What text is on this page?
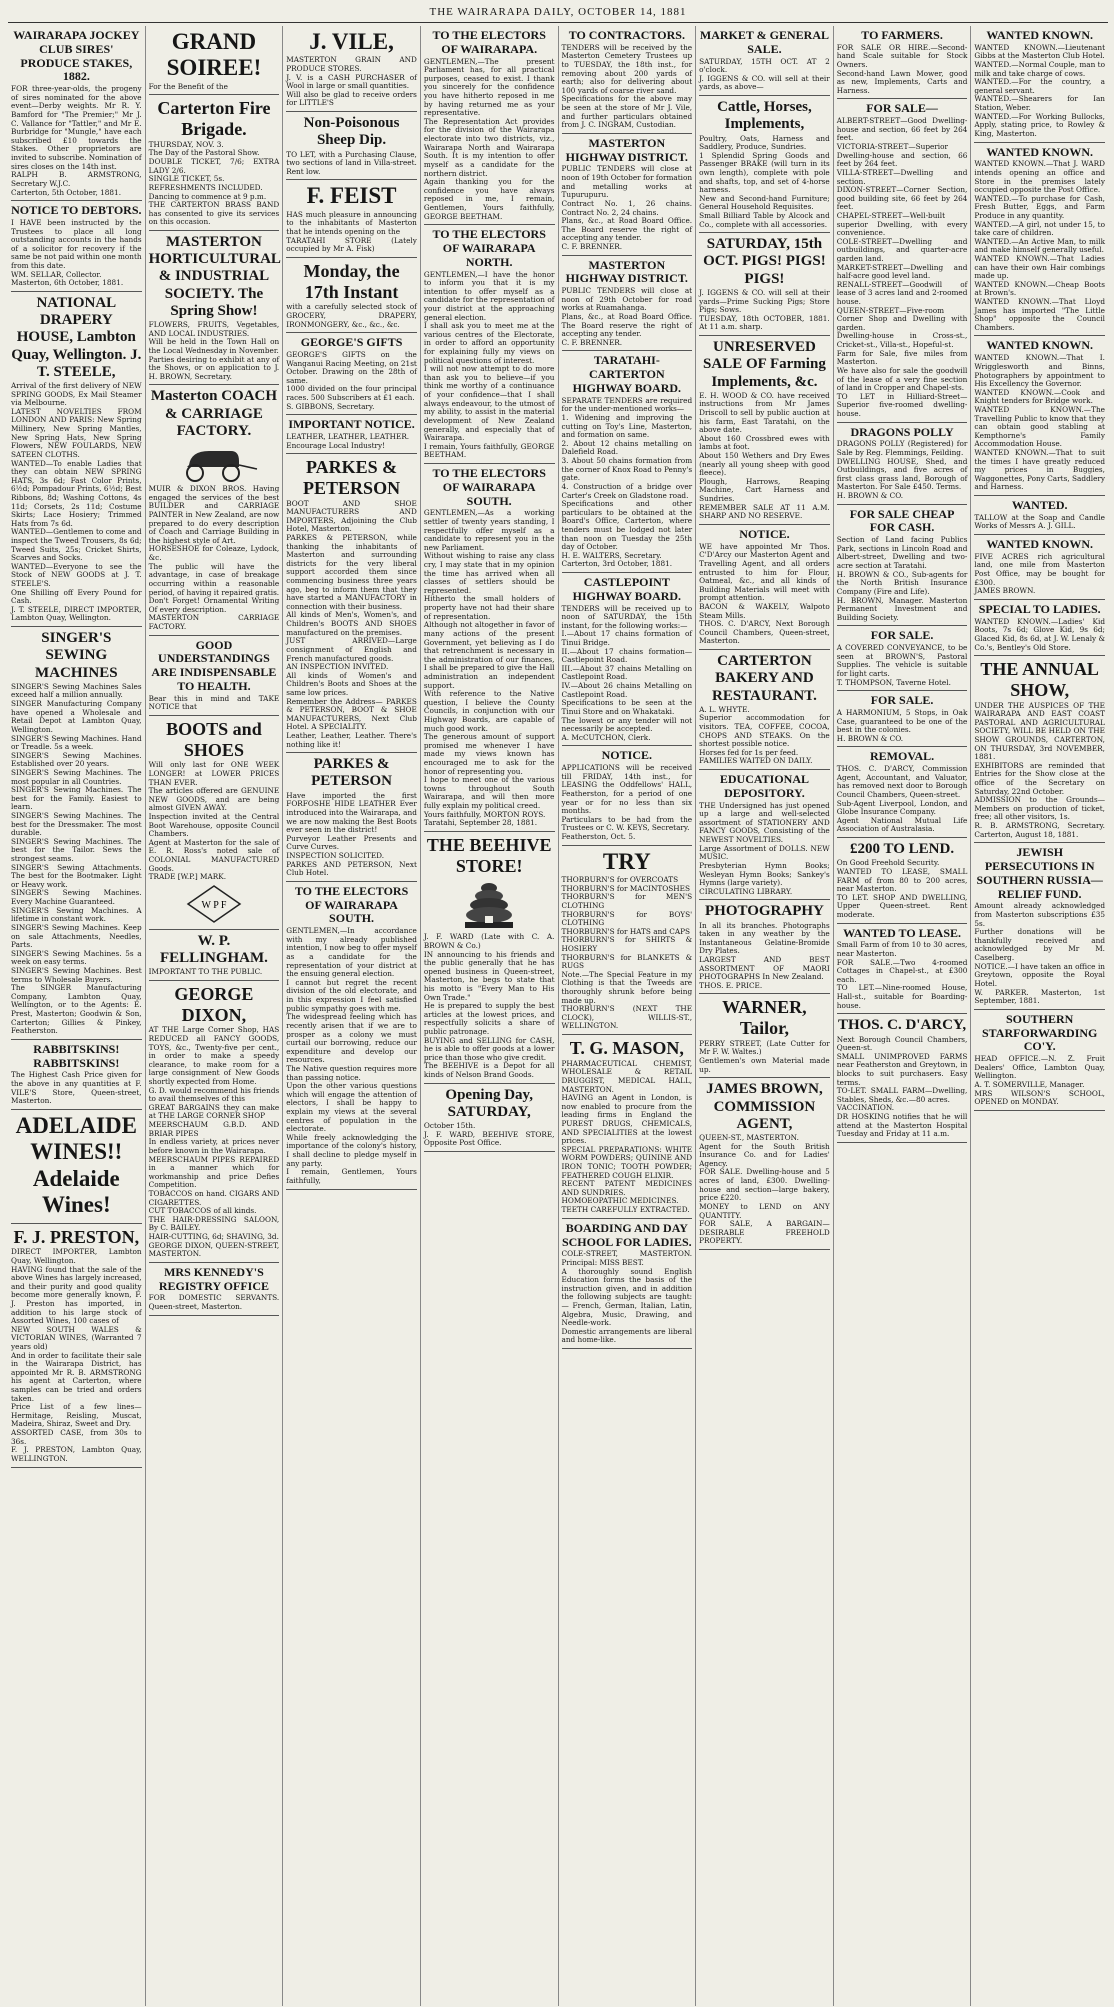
THE WAIRARAPA DAILY, OCTOBER 14, 1881
WAIRARAPA JOCKEY CLUB SIRES' PRODUCE STAKES, 1882.

FOR three-year-olds, the progeny of sires nominated for the above event—Derby weights. Mr R. Y. Bamford for "The Premier;" Mr J. C. Vallance for "Tattler," and Mr E. Burbridge for "Mungle," have each subscribed £10 towards the Stakes. Other proprietors are invited to subscribe. Nomination of sires closes on the 14th inst.

RALPH B. ARMSTRONG, Secretary W.J.C.

Carterton, 5th October, 1881.

NOTICE TO DEBTORS.

I HAVE been instructed by the Trustees to place all long outstanding accounts in the hands of a solicitor for recovery if the same be not paid within one month from this date.

WM. SELLAR, Collector.

Masterton, 6th October, 1881.

NATIONAL DRAPERY HOUSE, Lambton Quay, Wellington. J. T. STEELE,

Arrival of the first delivery of NEW SPRING GOODS, Ex Mail Steamer via Melbourne.

LATEST NOVELTIES FROM LONDON AND PARIS: New Spring Millinery, New Spring Mantles, New Spring Hats, New Spring Flowers, NEW FOULARDS, NEW SATEEN CLOTHS.

WANTED—To enable Ladies that they can obtain NEW SPRING HATS, 3s 6d; Fast Color Prints, 6½d; Pompadour Prints, 6½d; Best Ribbons, 8d; Washing Cottons, 4s 11d; Corsets, 2s 11d; Costume Skirts; Lace Hosiery; Trimmed Hats from 7s 6d.

WANTED—Gentlemen to come and inspect the Tweed Trousers, 8s 6d; Tweed Suits, 25s; Cricket Shirts, Scarves and Socks.

WANTED—Everyone to see the Stock of NEW GOODS at J. T. STEELE'S.

One Shilling off Every Pound for Cash.

J. T. STEELE, DIRECT IMPORTER, Lambton Quay, Wellington.

SINGER'S SEWING MACHINES

SINGER'S Sewing Machines Sales exceed half a million annually.

SINGER Manufacturing Company have opened a Wholesale and Retail Depot at Lambton Quay, Wellington.

SINGER'S Sewing Machines. Hand or Treadle. 5s a week.

SINGER'S Sewing Machines. Established over 20 years.

SINGER'S Sewing Machines. The most popular in all Countries.

SINGER'S Sewing Machines. The best for the Family. Easiest to learn.

SINGER'S Sewing Machines. The best for the Dressmaker. The most durable.

SINGER'S Sewing Machines. The best for the Tailor. Sews the strongest seams.

SINGER'S Sewing Attachments. The best for the Bootmaker. Light or Heavy work.

SINGER'S Sewing Machines. Every Machine Guaranteed.

SINGER'S Sewing Machines. A lifetime in constant work.

SINGER'S Sewing Machines. Keep on sale Attachments, Needles, Parts.

SINGER'S Sewing Machines. 5s a week on easy terms.

SINGER'S Sewing Machines. Best terms to Wholesale Buyers.

The SINGER Manufacturing Company, Lambton Quay, Wellington, or to the Agents: E. Prest, Masterton; Goodwin & Son, Carterton; Gillies & Pinkey, Featherston.

RABBITSKINS! RABBITSKINS!

The Highest Cash Price given for the above in any quantities at F. VILE'S Store, Queen-street, Masterton.

ADELAIDE WINES!! Adelaide Wines!
F. J. PRESTON,

DIRECT IMPORTER, Lambton Quay, Wellington.

HAVING found that the sale of the above Wines has largely increased, and their purity and good quality become more generally known, F. J. Preston has imported, in addition to his large stock of Assorted Wines, 100 cases of

NEW SOUTH WALES & VICTORIAN WINES, (Warranted 7 years old)

And in order to facilitate their sale in the Wairarapa District, has appointed Mr R. B. ARMSTRONG his agent at Carterton, where samples can be tried and orders taken.

Price List of a few lines—Hermitage, Reisling, Muscat, Madeira, Shiraz, Sweet and Dry.

ASSORTED CASE, from 30s to 36s.

F. J. PRESTON, Lambton Quay, WELLINGTON.

GRAND SOIREE!

For the Benefit of the

Carterton Fire Brigade.

THURSDAY, NOV. 3.

The Day of the Pastoral Show.

DOUBLE TICKET, 7/6; EXTRA LADY 2/6.

SINGLE TICKET, 5s.

REFRESHMENTS INCLUDED.

Dancing to commence at 9 p.m.

THE CARTERTON BRASS BAND has consented to give its services on this occasion.

MASTERTON HORTICULTURAL & INDUSTRIAL SOCIETY. The Spring Show!

FLOWERS, FRUITS, Vegetables, AND LOCAL INDUSTRIES.

Will be held in the Town Hall on the Local Wednesday in November.

Parties desiring to exhibit at any of the Shows, or on application to J. H. BROWN, Secretary.

Masterton COACH & CARRIAGE FACTORY.

MUIR & DIXON BROS. Having engaged the services of the best BUILDER and CARRIAGE PAINTER in New Zealand, are now prepared to do every description of Coach and Carriage Building in the highest style of Art.

HORSESHOE for Coleaze, Lydock, &c.

The public will have the advantage, in case of breakage occurring within a reasonable period, of having it repaired gratis.

Don't Forget! Ornamental Writing Of every description.

MASTERTON CARRIAGE FACTORY.

GOOD UNDERSTANDINGS ARE INDISPENSABLE TO HEALTH.

Bear this in mind and TAKE NOTICE that

BOOTS and SHOES

Will only last for ONE WEEK LONGER! at LOWER PRICES THAN EVER.

The articles offered are GENUINE NEW GOODS, and are being almost GIVEN AWAY.

Inspection invited at the Central Boot Warehouse, opposite Council Chambers.

Agent at Masterton for the sale of E. R. Ross's noted sale of COLONIAL MANUFACTURED Goods.

TRADE [W.P.] MARK.

W P F
W. P. FELLINGHAM.

IMPORTANT TO THE PUBLIC.

GEORGE DIXON,

AT THE Large Corner Shop, HAS REDUCED all FANCY GOODS, TOYS, &c., Twenty-five per cent., in order to make a speedy clearance, to make room for a large consignment of New Goods shortly expected from Home.

G. D. would recommend his friends to avail themselves of this

GREAT BARGAINS they can make at THE LARGE CORNER SHOP

MEERSCHAUM G.B.D. AND BRIAR PIPES

In endless variety, at prices never before known in the Wairarapa.

MEERSCHAUM PIPES REPAIRED in a manner which for workmanship and price Defies Competition.

TOBACCOS on hand. CIGARS AND CIGARETTES.

CUT TOBACCOS of all kinds.

THE HAIR-DRESSING SALOON, By C. BAILEY.

HAIR-CUTTING, 6d; SHAVING, 3d.

GEORGE DIXON, QUEEN-STREET, MASTERTON.

MRS KENNEDY'S REGISTRY OFFICE

FOR DOMESTIC SERVANTS. Queen-street, Masterton.

J. VILE,

MASTERTON GRAIN AND PRODUCE STORES.

J. V. is a CASH PURCHASER of Wool in large or small quantities.

Will also be glad to receive orders for LITTLE'S

Non-Poisonous Sheep Dip.

TO LET, with a Purchasing Clause, two sections of land in Villa-street. Rent low.

F. FEIST

HAS much pleasure in announcing to the inhabitants of Masterton that he intends opening on the

TARATAHI STORE (Lately occupied by Mr A. Fisk)

Monday, the 17th Instant

with a carefully selected stock of GROCERY, DRAPERY, IRONMONGERY, &c., &c., &c.

GEORGE'S GIFTS

GEORGE'S GIFTS on the Wanganui Racing Meeting, on 21st October. Drawing on the 28th of same.

1000 divided on the four principal races. 500 Subscribers at £1 each.

S. GIBBONS, Secretary.

IMPORTANT NOTICE.

LEATHER, LEATHER, LEATHER.

Encourage Local Industry!

PARKES & PETERSON

BOOT AND SHOE MANUFACTURERS AND IMPORTERS, Adjoining the Club Hotel, Masterton.

PARKES & PETERSON, while thanking the inhabitants of Masterton and surrounding districts for the very liberal support accorded them since commencing business three years ago, beg to inform them that they have started a MANUFACTORY in connection with their business.

All kinds of Men's, Women's, and Children's BOOTS AND SHOES manufactured on the premises.

JUST ARRIVED—Large consignment of English and French manufactured goods.

AN INSPECTION INVITED.

All kinds of Women's and Children's Boots and Shoes at the same low prices.

Remember the Address— PARKES & PETERSON, BOOT & SHOE MANUFACTURERS, Next Club Hotel. A SPECIALITY.

Leather, Leather, Leather. There's nothing like it!

PARKES & PETERSON

Have imported the first FORFOSHE HIDE LEATHER Ever introduced into the Wairarapa, and we are now making the Best Boots ever seen in the district!

Purveyor Leather Presents and Curve Curves.

INSPECTION SOLICITED.

PARKES AND PETERSON, Next Club Hotel.

TO THE ELECTORS OF WAIRARAPA SOUTH.

GENTLEMEN,—In accordance with my already published intention, I now beg to offer myself as a candidate for the representation of your district at the ensuing general election.

I cannot but regret the recent division of the old electorate, and in this expression I feel satisfied public sympathy goes with me.

The widespread feeling which has recently arisen that if we are to prosper as a colony we must curtail our borrowing, reduce our expenditure and develop our resources.

The Native question requires more than passing notice.

Upon the other various questions which will engage the attention of electors, I shall be happy to explain my views at the several centres of population in the electorate.

While freely acknowledging the importance of the colony's history, I shall decline to pledge myself in any party.

I remain, Gentlemen, Yours faithfully,

TO THE ELECTORS OF WAIRARAPA.

GENTLEMEN,—The present Parliament has, for all practical purposes, ceased to exist. I thank you sincerely for the confidence you have hitherto reposed in me by having returned me as your representative.

The Representation Act provides for the division of the Wairarapa electorate into two districts, viz., Wairarapa North and Wairarapa South. It is my intention to offer myself as a candidate for the northern district.

Again thanking you for the confidence you have always reposed in me, I remain, Gentlemen, Yours faithfully, GEORGE BEETHAM.

TO THE ELECTORS OF WAIRARAPA NORTH.

GENTLEMEN,—I have the honor to inform you that it is my intention to offer myself as a candidate for the representation of your district at the approaching general election.

I shall ask you to meet me at the various centres of the Electorate, in order to afford an opportunity for explaining fully my views on political questions of interest.

I will not now attempt to do more than ask you to believe—if you think me worthy of a continuance of your confidence—that I shall always endeavour, to the utmost of my ability, to assist in the material development of New Zealand generally, and especially that of Wairarapa.

I remain, Yours faithfully, GEORGE BEETHAM.

TO THE ELECTORS OF WAIRARAPA SOUTH.

GENTLEMEN,—As a working settler of twenty years standing, I respectfully offer myself as a candidate to represent you in the new Parliament.

Without wishing to raise any class cry, I may state that in my opinion the time has arrived when all classes of settlers should be represented.

Hitherto the small holders of property have not had their share of representation.

Although not altogether in favor of many actions of the present Government, yet believing as I do that retrenchment is necessary in the administration of our finances, I shall be prepared to give the Hall administration an independent support.

With reference to the Native question, I believe the County Councils, in conjunction with our Highway Boards, are capable of much good work.

The generous amount of support promised me whenever I have made my views known has encouraged me to ask for the honor of representing you.

I hope to meet one of the various towns throughout South Wairarapa, and will then more fully explain my political creed.

Yours faithfully, MORTON ROYS.

Taratahi, September 28, 1881.

THE BEEHIVE STORE!

J. F. WARD (Late with C. A. BROWN & Co.)

IN announcing to his friends and the public generally that he has opened business in Queen-street, Masterton, he begs to state that his motto is "Every Man to His Own Trade."

He is prepared to supply the best articles at the lowest prices, and respectfully solicits a share of public patronage.

BUYING and SELLING for CASH, he is able to offer goods at a lower price than those who give credit.

The BEEHIVE is a Depot for all kinds of Nelson Brand Goods.

Opening Day, SATURDAY,

October 15th.

J. F. WARD, BEEHIVE STORE, Opposite Post Office.

TO CONTRACTORS.

TENDERS will be received by the Masterton Cemetery Trustees up to TUESDAY, the 18th inst., for removing about 200 yards of earth; also for delivering about 100 yards of coarse river sand.

Specifications for the above may be seen at the store of Mr J. Vile, and further particulars obtained from J. C. INGRAM, Custodian.

MASTERTON HIGHWAY DISTRICT.

PUBLIC TENDERS will close at noon of 19th October for formation and metalling works at Tupurupuru.

Contract No. 1, 26 chains. Contract No. 2, 24 chains.

Plans, &c., at Road Board Office. The Board reserve the right of accepting any tender.

C. F. BRENNER.

MASTERTON HIGHWAY DISTRICT.

PUBLIC TENDERS will close at noon of 29th October for road works at Ruamahanga.

Plans, &c., at Road Board Office. The Board reserve the right of accepting any tender.

C. F. BRENNER.

TARATAHI-CARTERTON HIGHWAY BOARD.

SEPARATE TENDERS are required for the under-mentioned works—

1. Widening and improving the cutting on Toy's Line, Masterton, and formation on same.

2. About 12 chains metalling on Dalefield Road.

3. About 50 chains formation from the corner of Knox Road to Penny's gate.

4. Construction of a bridge over Carter's Creek on Gladstone road.

Specifications and other particulars to be obtained at the Board's Office, Carterton, where tenders must be lodged not later than noon on Tuesday the 25th day of October.

H. E. WALTERS, Secretary.

Carterton, 3rd October, 1881.

CASTLEPOINT HIGHWAY BOARD.

TENDERS will be received up to noon of SATURDAY, the 15th instant, for the following works:—

I.—About 17 chains formation of Tinui Bridge.

II.—About 17 chains formation—Castlepoint Road.

III.—About 37 chains Metalling on Castlepoint Road.

IV.—About 26 chains Metalling on Castlepoint Road.

Specifications to be seen at the Tinui Store and on Whakataki.

The lowest or any tender will not necessarily be accepted.

A. McCUTCHON, Clerk.

NOTICE.

APPLICATIONS will be received till FRIDAY, 14th inst., for LEASING the Oddfellows' HALL, Featherston, for a period of one year or for no less than six months.

Particulars to be had from the Trustees or C. W. KEYS, Secretary.

Featherston, Oct. 5.

TRY

THORBURN'S for OVERCOATS

THORBURN'S for MACINTOSHES

THORBURN'S for MEN'S CLOTHING

THORBURN'S for BOYS' CLOTHING

THORBURN'S for HATS and CAPS

THORBURN'S for SHIRTS & HOSIERY

THORBURN'S for BLANKETS & RUGS

Note.—The Special Feature in my Clothing is that the Tweeds are thoroughly shrunk before being made up.

THORBURN'S (NEXT THE CLOCK), WILLIS-ST., WELLINGTON.

T. G. MASON,

PHARMACEUTICAL CHEMIST, WHOLESALE & RETAIL DRUGGIST, MEDICAL HALL, MASTERTON.

HAVING an Agent in London, is now enabled to procure from the leading firms in England the PUREST DRUGS, CHEMICALS, AND SPECIALITIES at the lowest prices.

SPECIAL PREPARATIONS: WHITE WORM POWDERS; QUININE AND IRON TONIC; TOOTH POWDER; FEATHERED COUGH ELIXIR.

RECENT PATENT MEDICINES AND SUNDRIES.

HOMOEOPATHIC MEDICINES.

TEETH CAREFULLY EXTRACTED.

BOARDING AND DAY SCHOOL FOR LADIES.

COLE-STREET, MASTERTON. Principal: MISS BEST.

A thoroughly sound English Education forms the basis of the instruction given, and in addition the following subjects are taught:— French, German, Italian, Latin, Algebra, Music, Drawing, and Needle-work.

Domestic arrangements are liberal and home-like.

MARKET & GENERAL SALE.

SATURDAY, 15TH OCT. AT 2 o'clock.

J. IGGENS & CO. will sell at their yards, as above—

Cattle, Horses, Implements,

Poultry, Oats, Harness and Saddlery, Produce, Sundries.

1 Splendid Spring Goods and Passenger BRAKE (will turn in its own length), complete with pole and shafts, top, and set of 4-horse harness.

New and Second-hand Furniture; General Household Requisites.

Small Billiard Table by Alcock and Co., complete with all accessories.

SATURDAY, 15th OCT. PIGS! PIGS! PIGS!

J. IGGENS & CO. will sell at their yards—Prime Sucking Pigs; Store Pigs; Sows.

TUESDAY, 18th OCTOBER, 1881. At 11 a.m. sharp.

UNRESERVED SALE OF Farming Implements, &c.

E. H. WOOD & CO. have received instructions from Mr James Driscoll to sell by public auction at his farm, East Taratahi, on the above date.

About 160 Crossbred ewes with lambs at foot.

About 150 Wethers and Dry Ewes (nearly all young sheep with good fleece).

Plough, Harrows, Reaping Machine, Cart Harness and Sundries.

REMEMBER SALE AT 11 A.M. SHARP AND NO RESERVE.

NOTICE.

WE have appointed Mr Thos. C'D'Arcy our Masterton Agent and Travelling Agent, and all orders entrusted to him for Flour, Oatmeal, &c., and all kinds of Building Materials will meet with prompt attention.

BACON & WAKELY, Walpoto Steam Mills.

THOS. C. D'ARCY, Next Borough Council Chambers, Queen-street, Masterton.

CARTERTON BAKERY AND RESTAURANT.

A. L. WHYTE.

Superior accommodation for visitors. TEA, COFFEE, COCOA, CHOPS AND STEAKS. On the shortest possible notice.

Horses fed for 1s per feed.

FAMILIES WAITED ON DAILY.

EDUCATIONAL DEPOSITORY.

THE Undersigned has just opened up a large and well-selected assortment of STATIONERY AND FANCY GOODS, Consisting of the NEWEST NOVELTIES.

Large Assortment of DOLLS. NEW MUSIC.

Presbyterian Hymn Books; Wesleyan Hymn Books; Sankey's Hymns (large variety).

CIRCULATING LIBRARY.

PHOTOGRAPHY

In all its branches. Photographs taken in any weather by the Instantaneous Gelatine-Bromide Dry Plates.

LARGEST AND BEST ASSORTMENT OF MAORI PHOTOGRAPHS In New Zealand.

THOS. E. PRICE.

WARNER, Tailor,

PERRY STREET, (Late Cutter for Mr F. W. Waltes.)

Gentlemen's own Material made up.

JAMES BROWN, COMMISSION AGENT,

QUEEN-ST., MASTERTON.

Agent for the South British Insurance Co. and for Ladies' Agency.

FOR SALE. Dwelling-house and 5 acres of land, £300. Dwelling-house and section—large bakery, price £220.

MONEY to LEND on ANY QUANTITY.

FOR SALE, A BARGAIN—DESIRABLE FREEHOLD PROPERTY.

TO FARMERS.

FOR SALE OR HIRE.—Second-hand Scale suitable for Stock Owners.

Second-hand Lawn Mower, good as new, Implements, Carts and Harness.

FOR SALE—

ALBERT-STREET—Good Dwelling-house and section, 66 feet by 264 feet.

VICTORIA-STREET—Superior Dwelling-house and section, 66 feet by 264 feet.

VILLA-STREET—Dwelling and section.

DIXON-STREET—Corner Section, good building site, 66 feet by 264 feet.

CHAPEL-STREET—Well-built superior Dwelling, with every convenience.

COLE-STREET—Dwelling and outbuildings, and quarter-acre garden land.

MARKET-STREET—Dwelling and half-acre good level land.

RENALL-STREET—Goodwill of lease of 3 acres land and 2-roomed house.

QUEEN-STREET—Five-room Corner Shop and Dwelling with garden.

Dwelling-house in Cross-st., Cricket-st., Villa-st., Hopeful-st.

Farm for Sale, five miles from Masterton.

We have also for sale the goodwill of the lease of a very fine section of land in Cropper and Chapel-sts.

TO LET in Hilliard-Street—Superior five-roomed dwelling-house.

DRAGONS POLLY

DRAGONS POLLY (Registered) for Sale by Reg. Flemmings, Feilding.

DWELLING HOUSE, Shed, and Outbuildings, and five acres of first class grass land, Borough of Masterton. For Sale £450. Terms.

H. BROWN & CO.

FOR SALE CHEAP FOR CASH.

Section of Land facing Publics Park, sections in Lincoln Road and Albert-street, Dwelling and two-acre section at Taratahi.

H. BROWN & CO., Sub-agents for the North British Insurance Company (Fire and Life).

H. BROWN, Manager. Masterton Permanent Investment and Building Society.

FOR SALE.

A COVERED CONVEYANCE, to be seen at BROWN'S, Pastoral Supplies. The vehicle is suitable for light carts.

T. THOMPSON, Taverne Hotel.

FOR SALE.

A HARMONIUM, 5 Stops, in Oak Case, guaranteed to be one of the best in the colonies.

H. BROWN & CO.

REMOVAL.

THOS. C. D'ARCY, Commission Agent, Accountant, and Valuator, has removed next door to Borough Council Chambers, Queen-street.

Sub-Agent Liverpool, London, and Globe Insurance Company.

Agent National Mutual Life Association of Australasia.

£200 TO LEND.

On Good Freehold Security.

WANTED TO LEASE, SMALL FARM of from 80 to 200 acres, near Masterton.

TO LET. SHOP AND DWELLING, Upper Queen-street. Rent moderate.

WANTED TO LEASE.

Small Farm of from 10 to 30 acres, near Masterton.

FOR SALE.—Two 4-roomed Cottages in Chapel-st., at £300 each.

TO LET.—Nine-roomed House, Hall-st., suitable for Boarding-house.

THOS. C. D'ARCY,

Next Borough Council Chambers, Queen-st.

SMALL UNIMPROVED FARMS near Featherston and Greytown, in blocks to suit purchasers. Easy terms.

TO-LET. SMALL FARM—Dwelling, Stables, Sheds, &c.—80 acres.

VACCINATION.

DR HOSKING notifies that he will attend at the Masterton Hospital Tuesday and Friday at 11 a.m.

WANTED KNOWN.

WANTED KNOWN.—Lieutenant Gibbs at the Masterton Club Hotel.

WANTED.—Normal Couple, man to milk and take charge of cows.

WANTED.—For the country, a general servant.

WANTED.—Shearers for Ian Station, Weber.

WANTED.—For Working Bullocks, Apply, stating price, to Rowley & King, Masterton.

WANTED KNOWN.

WANTED KNOWN.—That J. WARD intends opening an office and Store in the premises lately occupied opposite the Post Office.

WANTED.—To purchase for Cash, Fresh Butter, Eggs, and Farm Produce in any quantity.

WANTED.—A girl, not under 15, to take care of children.

WANTED.—An Active Man, to milk and make himself generally useful.

WANTED KNOWN.—That Ladies can have their own Hair combings made up.

WANTED KNOWN.—Cheap Boots at Brown's.

WANTED KNOWN.—That Lloyd James has imported "The Little Shop" opposite the Council Chambers.

WANTED KNOWN.

WANTED KNOWN.—That I. Wrigglesworth and Binns, Photographers by appointment to His Excellency the Governor.

WANTED KNOWN.—Cook and Knight tenders for Bridge work.

WANTED KNOWN.—The Travelling Public to know that they can obtain good stabling at Kempthorne's Family Accommodation House.

WANTED KNOWN.—That to suit the times I have greatly reduced my prices in Buggies, Waggonettes, Pony Carts, Saddlery and Harness.

WANTED.

TALLOW at the Soap and Candle Works of Messrs A. J. GILL.

WANTED KNOWN.

FIVE ACRES rich agricultural land, one mile from Masterton Post Office, may be bought for £300.

JAMES BROWN.

SPECIAL TO LADIES.

WANTED KNOWN.—Ladies' Kid Boots, 7s 6d; Glove Kid, 9s 6d; Glaced Kid, 8s 6d, at J. W. Lenaly & Co.'s, Bentley's Old Store.

THE ANNUAL SHOW,

UNDER THE AUSPICES OF THE WAIRARAPA AND EAST COAST PASTORAL AND AGRICULTURAL SOCIETY, WILL BE HELD ON THE SHOW GROUNDS, CARTERTON, ON THURSDAY, 3rd NOVEMBER, 1881.

EXHIBITORS are reminded that Entries for the Show close at the office of the Secretary on Saturday, 22nd October.

ADMISSION to the Grounds—Members on production of ticket, free; all other visitors, 1s.

R. B. ARMSTRONG, Secretary. Carterton, August 18, 1881.

JEWISH PERSECUTIONS IN SOUTHERN RUSSIA—RELIEF FUND.

Amount already acknowledged from Masterton subscriptions £35 5s.

Further donations will be thankfully received and acknowledged by Mr M. Caselberg.

NOTICE.—I have taken an office in Greytown, opposite the Royal Hotel.

W. PARKER. Masterton, 1st September, 1881.

SOUTHERN STARFORWARDING CO'Y.

HEAD OFFICE.—N. Z. Fruit Dealers' Office, Lambton Quay, Wellington.

A. T. SOMERVILLE, Manager.

MRS WILSON'S SCHOOL, OPENED on MONDAY.
